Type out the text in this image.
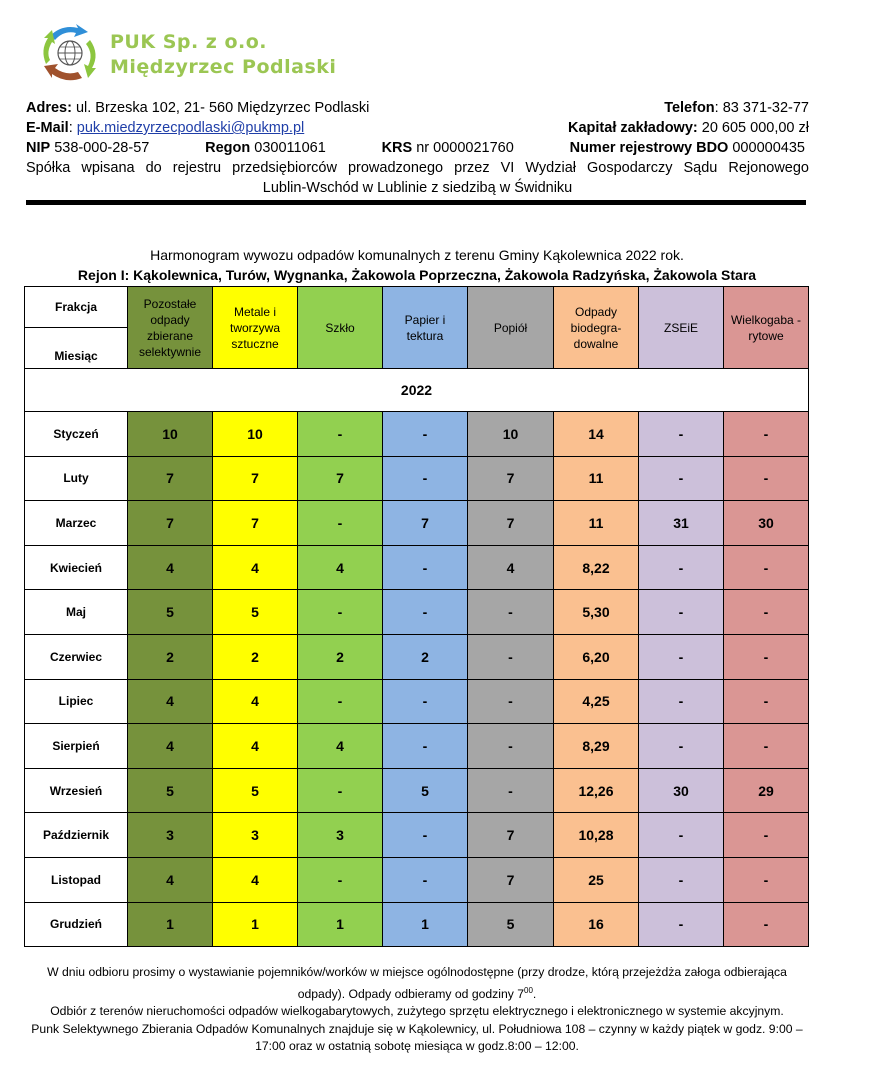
PUK Sp. z o.o.
Międzyrzec Podlaski
Adres: ul. Brzeska 102, 21- 560 Międzyrzec Podlaski	Telefon: 83 371-32-77
E-Mail: puk.miedzyrzecpodlaski@pukmp.pl	Kapitał zakładowy: 20 605 000,00 zł
NIP 538-000-28-57	Regon 030011061	KRS nr 0000021760	Numer rejestrowy BDO 000000435
Spółka wpisana do rejestru przedsiębiorców prowadzonego przez VI Wydział Gospodarczy Sądu Rejonowego
Lublin-Wschód w Lublinie z siedzibą w Świdniku
Harmonogram wywozu odpadów komunalnych z terenu Gminy Kąkolewnica 2022 rok.
Rejon I: Kąkolewnica, Turów, Wygnanka, Żakowola Poprzeczna, Żakowola Radzyńska, Żakowola Stara
Frakcja
Miesiąc	Pozostałe odpady zbierane selektywnie	Metale i tworzywa sztuczne	Szkło	Papier i tektura	Popiół	Odpady biodegra-dowalne	ZSEiE	Wielkogaba - rytowe
2022								
Styczeń	10	10	-	-	10	14	-	-
Luty	7	7	7	-	7	11	-	-
Marzec	7	7	-	7	7	11	31	30
Kwiecień	4	4	4	-	4	8,22	-	-
Maj	5	5	-	-	-	5,30	-	-
Czerwiec	2	2	2	2	-	6,20	-	-
Lipiec	4	4	-	-	-	4,25	-	-
Sierpień	4	4	4	-	-	8,29	-	-
Wrzesień	5	5	-	5	-	12,26	30	29
Październik	3	3	3	-	7	10,28	-	-
Listopad	4	4	-	-	7	25	-	-
Grudzień	1	1	1	1	5	16	-	-
W dniu odbioru prosimy o wystawianie pojemników/worków w miejsce ogólnodostępne (przy drodze, którą przejeżdża załoga odbierająca
odpady). Odpady odbieramy od godziny $7^{00}$.
Odbiór z terenów nieruchomości odpadów wielkogabarytowych, zużytego sprzętu elektrycznego i elektronicznego w systemie akcyjnym.
Punk Selektywnego Zbierania Odpadów Komunalnych znajduje się w Kąkolewnicy, ul. Południowa 108 – czynny w każdy piątek w godz. 9:00 –
17:00 oraz w ostatnią sobotę miesiąca w godz.8:00 – 12:00.
